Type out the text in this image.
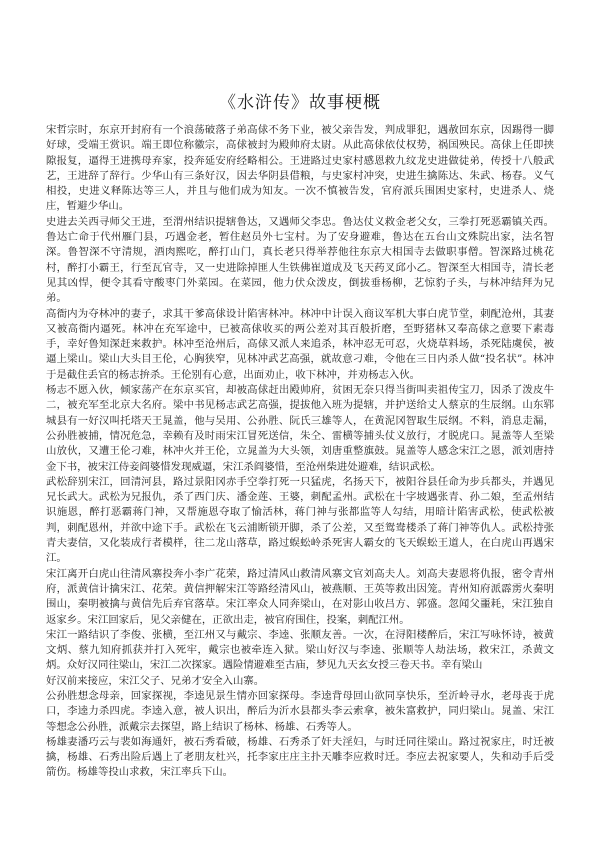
《水浒传》故事梗概

宋哲宗时，东京开封府有一个浪荡破落子弟高俅不务下业，被父亲告发，判成罪犯，遇赦回东京，因踢得一脚好球，受端王赏识。端王即位称徽宗，高俅被封为殿帅府太尉。从此高俅依仗权势，祸国殃民。高俅上任即挟隙报复，逼得王进携母弃家，投奔延安府经略相公。王进路过史家村感恩救九纹龙史进做徒弟，传授十八般武艺，王进辞了辞行。少华山有三条好汉，因去华阴县借粮，与史家村冲突，史进生擒陈达、朱武、杨春。义气相投，史进义释陈达等三人，并且与他们成为知友。一次不慎被告发，官府派兵围困史家村，史进杀人、烧庄，暂避少华山。

史进去关西寻师父王进，至渭州结识提辖鲁达，又遇师父李忠。鲁达仗义救金老父女，三拳打死恶霸镇关西。鲁达亡命于代州雁门县，巧遇金老，暂住赵员外七宝村。为了安身避难，鲁达在五台山文殊院出家，法名智深。鲁智深不守清规，酒肉熙吃，醉打山门，真长老只得举荐他往东京大相国寺去做职事僧。智深路过桃花村，醉打小霸王，行至瓦官寺，又一史进除掉匪人生铁佛崔道成及飞天药叉邱小乙。智深至大相国寺，清长老见其凶悍，便令其看守酸枣门外菜园。在菜园，他力伏众泼皮，倒拔垂杨柳，艺惊豹子头，与林冲结拜为兄弟。

高衙内为夺林冲的妻子，求其干爹高俅设计陷害林冲。林冲中计误入商议军机大事白虎节堂，刺配沧州，其妻又被高衙内逼死。林冲在充军途中，已被高俅收买的两公差对其百般折磨，至野猪林又奉高俅之意要下素毒手，幸好鲁知深赶来救护。林冲至沧州后，高俅又派人来追杀，林冲忍无可忍，火烧草料场，杀死陆虞侯，被逼上梁山。梁山大头目王伦，心胸狭窄，见林冲武艺高强，就故意刁难，令他在三日内杀人做“投名状”。林冲于是截住丢官的杨志拚杀。王伦别有心意，出面劝止，收下林冲，并劝杨志入伙。

杨志不愿入伙，倾家荡产在东京买官，却被高俅赶出殿帅府，贫困无奈只得当街叫卖祖传宝刀，因杀了泼皮牛二，被充军至北京大名府。梁中书见杨志武艺高强，提拔他入班为提辖，并护送给丈人蔡京的生辰纲。山东郓城县有一好汉叫托塔天王晁盖，他与吴用、公孙胜、阮氏三雄等人，在黄泥冈智取生辰纲。不料，消息走漏，公孙胜被捕，情况危急，幸赖有及时雨宋江冒死送信，朱仝、雷横等捕头仗义放行，才脱虎口。晁盖等人至梁山放伙，又遭王伦刁难，林冲火并王伦，立晁盖为大头领，刘唐重整旗鼓。晁盖等人感念宋江之恩，派刘唐持金下书，被宋江侍妾阎婆惜发现威逼，宋江杀阎婆惜，至沧州柴进处避难，结识武松。

武松辞别宋江，回清河县，路过景阳冈赤手空拳打死一只猛虎，名扬天下，被阳谷县任命为步兵都头，并遇见兄长武大。武松为兄报仇，杀了西门庆、潘金莲、王婆，刺配孟州。武松在十字坡遇张青、孙二娘，至孟州结识施恩，醉打恶霸蒋门神，又帮施恩夺取了愉活林，蒋门神与张都监等人勾结，用暗计陷害武松，使武松被判，刺配恩州，并欲中途下手。武松在飞云浦断锁开脚，杀了公差，又至鸳鸯楼杀了蒋门神等仇人。武松持张青夫妻信，又化装成行者模样，往二龙山落草，路过蜈蚣岭杀死害人霸女的飞天蜈蚣王道人，在白虎山再遇宋江。

宋江离开白虎山往清风寨投奔小李广花荣，路过清风山救清风寨文官刘高夫人。刘高夫妻恩将仇报，密令青州府，派黄信计擒宋江、花荣。黄信押解宋江等路经清风山，被燕顺、王英等救出因笼。青州知府派霹雳火秦明围山，秦明被擒与黄信先后弃官落草。宋江率众人同奔梁山，在对影山收吕方、郭盛。忽闻父噩耗，宋江独自返家乡。宋江回家后，见父亲健在，正欲出走，被官府围住，投案，刺配江州。

宋江一路结识了李俊、张横，至江州又与戴宗、李逵、张顺友善。一次，在浔阳楼醉后，宋江写咏怀诗，被黄文炳、蔡九知府抓获并打入死牢，戴宗也被牵连入狱。梁山好汉与李逵、张顺等人劫法场，救宋江，杀黄文炳。众好汉同往梁山，宋江二次探家。遇险情避难至古庙，梦见九天玄女授三卷天书。幸有梁山

好汉前来接应，宋江父子、兄弟才安全入山寨。

公孙胜想念母亲，回家探视，李逵见景生情亦回家探母。李逵背母回山欲同享快乐，至沂岭寻水，老母丧于虎口，李逵力杀四虎。李逵入意，被人识出，醉后为沂水县都头李云索拿，被朱富救护，同归梁山。晁盖、宋江等想念公孙胜，派戴宗去探望，路上结识了杨林、杨雄、石秀等人。

杨雄妻潘巧云与裴如海通奸，被石秀看破，杨雄、石秀杀了奸夫淫妇，与时迁同往梁山。路过祝家庄，时迁被擒，杨雄、石秀出险后遇上了老朋友杜兴，托李家庄庄主扑天雕李应救时迁。李应去祝家要人，失和动手后受箭伤。杨雄等投山求救，宋江率兵下山。
